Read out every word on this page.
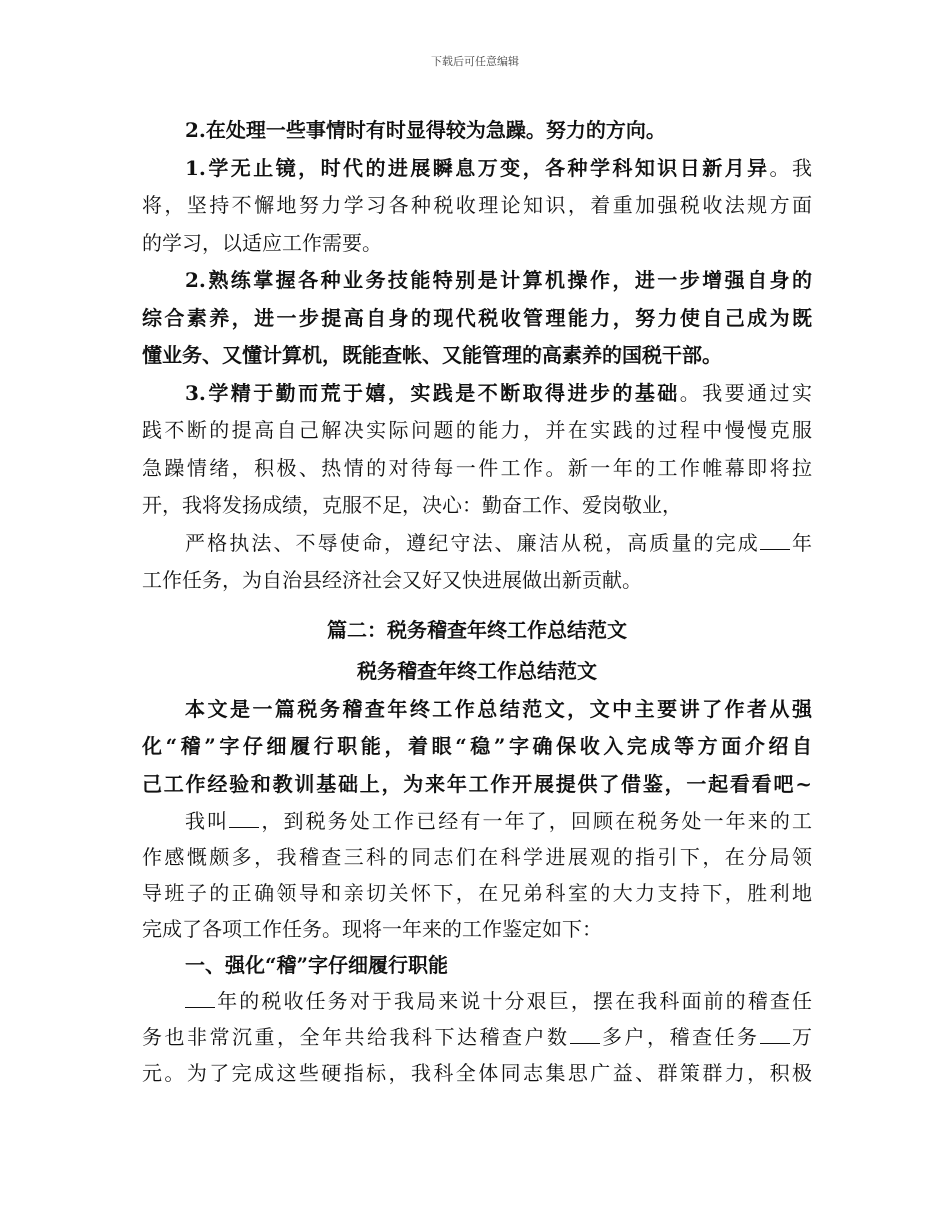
下载后可任意编辑
2.在处理一些事情时有时显得较为急躁。努力的方向。
1.学无止镜，时代的进展瞬息万变，各种学科知识日新月异。我
将，坚持不懈地努力学习各种税收理论知识，着重加强税收法规方面
的学习，以适应工作需要。
2.熟练掌握各种业务技能特别是计算机操作，进一步增强自身的
综合素养，进一步提高自身的现代税收管理能力，努力使自己成为既
懂业务、又懂计算机，既能查帐、又能管理的高素养的国税干部。
3.学精于勤而荒于嬉，实践是不断取得进步的基础。我要通过实
践不断的提高自己解决实际问题的能力，并在实践的过程中慢慢克服
急躁情绪，积极、热情的对待每一件工作。新一年的工作帷幕即将拉
开，我将发扬成绩，克服不足，决心：勤奋工作、爱岗敬业，
严格执法、不辱使命，遵纪守法、廉洁从税，高质量的完成 年
工作任务，为自治县经济社会又好又快进展做出新贡献。
篇二：税务稽查年终工作总结范文
税务稽查年终工作总结范文
本文是一篇税务稽查年终工作总结范文，文中主要讲了作者从强
化“稽”字仔细履行职能，着眼“稳”字确保收入完成等方面介绍自
己工作经验和教训基础上，为来年工作开展提供了借鉴，一起看看吧~
我叫 ，到税务处工作已经有一年了，回顾在税务处一年来的工
作感慨颇多，我稽查三科的同志们在科学进展观的指引下，在分局领
导班子的正确领导和亲切关怀下，在兄弟科室的大力支持下，胜利地
完成了各项工作任务。现将一年来的工作鉴定如下：
一、强化“稽”字仔细履行职能
年的税收任务对于我局来说十分艰巨，摆在我科面前的稽查任
务也非常沉重，全年共给我科下达稽查户数 多户，稽查任务 万
元。为了完成这些硬指标，我科全体同志集思广益、群策群力，积极
